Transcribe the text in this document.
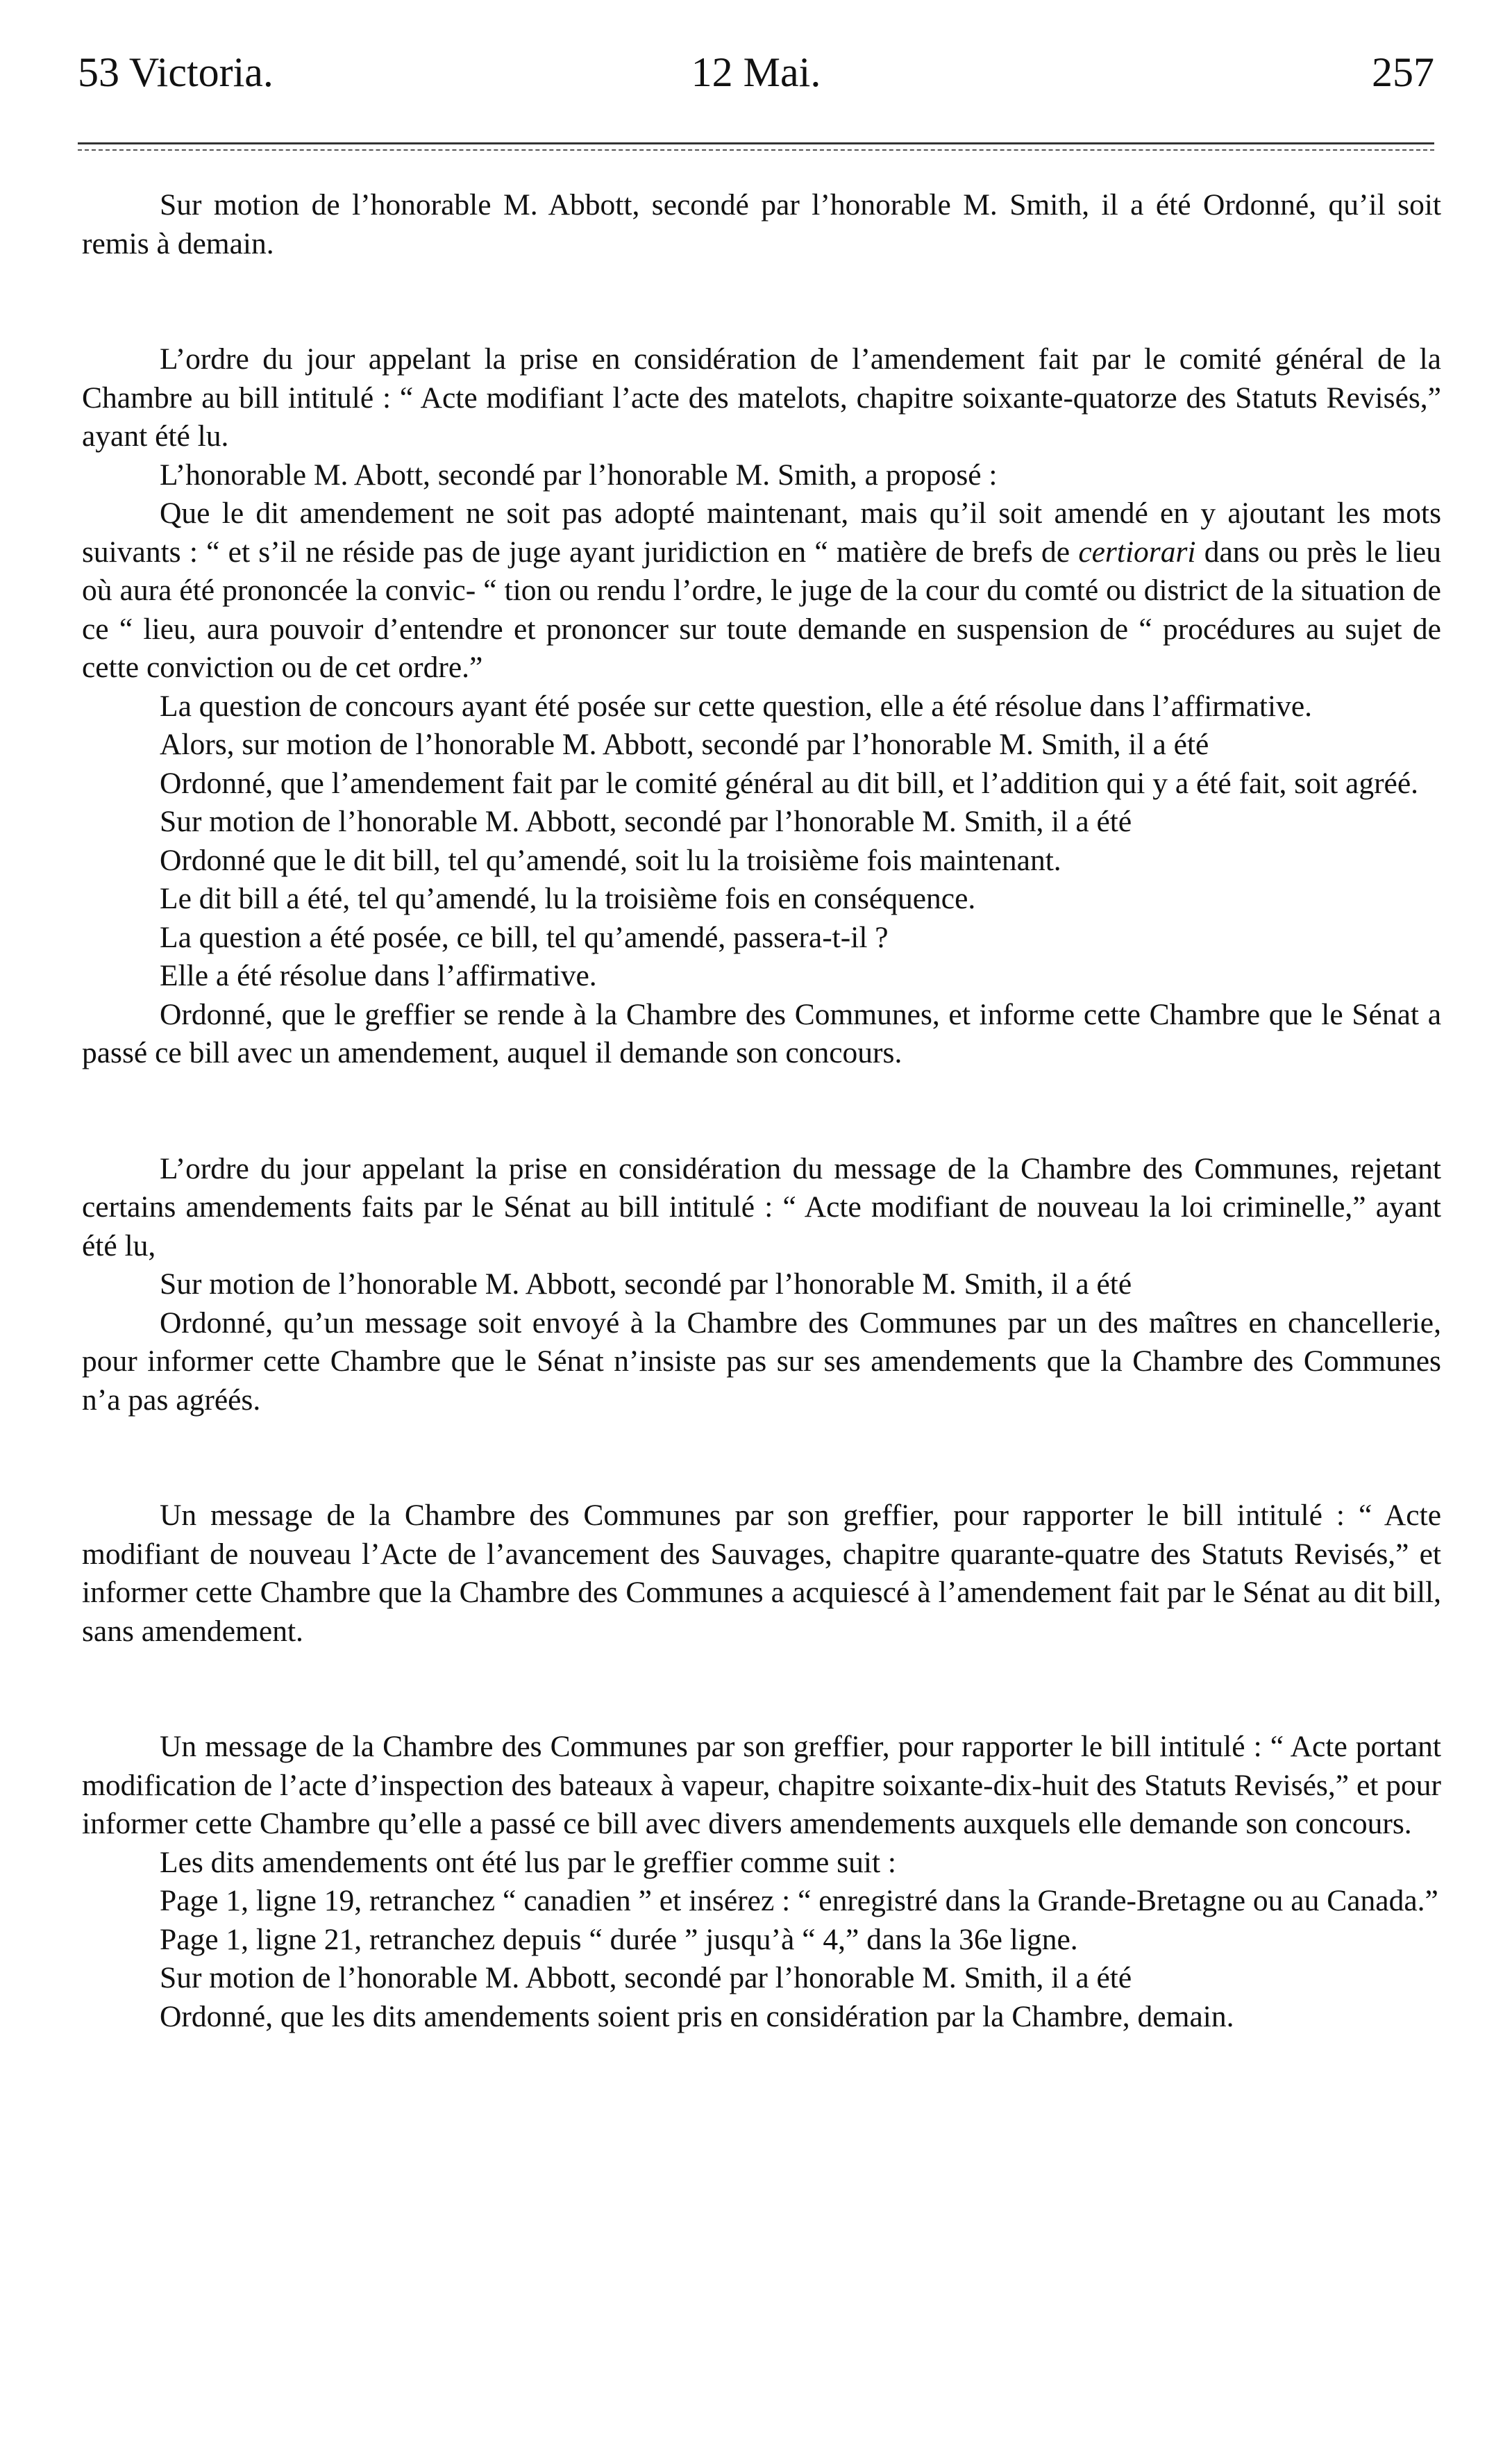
53 Victoria.	12 Mai.	257

Sur motion de l’honorable M. Abbott, secondé par l’honorable M. Smith, il a été Ordonné, qu’il soit remis à demain.

L’ordre du jour appelant la prise en considération de l’amendement fait par le comité général de la Chambre au bill intitulé : “ Acte modifiant l’acte des matelots, chapitre soixante-quatorze des Statuts Revisés,” ayant été lu.

L’honorable M. Abott, secondé par l’honorable M. Smith, a proposé :

Que le dit amendement ne soit pas adopté maintenant, mais qu’il soit amendé en y ajoutant les mots suivants : “ et s’il ne réside pas de juge ayant juridiction en “ matière de brefs de certiorari dans ou près le lieu où aura été prononcée la convic- “ tion ou rendu l’ordre, le juge de la cour du comté ou district de la situation de ce “ lieu, aura pouvoir d’entendre et prononcer sur toute demande en suspension de “ procédures au sujet de cette conviction ou de cet ordre.”

La question de concours ayant été posée sur cette question, elle a été résolue dans l’affirmative.

Alors, sur motion de l’honorable M. Abbott, secondé par l’honorable M. Smith, il a été

Ordonné, que l’amendement fait par le comité général au dit bill, et l’addition qui y a été fait, soit agréé.

Sur motion de l’honorable M. Abbott, secondé par l’honorable M. Smith, il a été

Ordonné que le dit bill, tel qu’amendé, soit lu la troisième fois maintenant.

Le dit bill a été, tel qu’amendé, lu la troisième fois en conséquence.

La question a été posée, ce bill, tel qu’amendé, passera-t-il ?

Elle a été résolue dans l’affirmative.

Ordonné, que le greffier se rende à la Chambre des Communes, et informe cette Chambre que le Sénat a passé ce bill avec un amendement, auquel il demande son concours.

L’ordre du jour appelant la prise en considération du message de la Chambre des Communes, rejetant certains amendements faits par le Sénat au bill intitulé : “ Acte modifiant de nouveau la loi criminelle,” ayant été lu,

Sur motion de l’honorable M. Abbott, secondé par l’honorable M. Smith, il a été

Ordonné, qu’un message soit envoyé à la Chambre des Communes par un des maîtres en chancellerie, pour informer cette Chambre que le Sénat n’insiste pas sur ses amendements que la Chambre des Communes n’a pas agréés.

Un message de la Chambre des Communes par son greffier, pour rapporter le bill intitulé : “ Acte modifiant de nouveau l’Acte de l’avancement des Sauvages, chapitre quarante-quatre des Statuts Revisés,” et informer cette Chambre que la Chambre des Communes a acquiescé à l’amendement fait par le Sénat au dit bill, sans amendement.

Un message de la Chambre des Communes par son greffier, pour rapporter le bill intitulé : “ Acte portant modification de l’acte d’inspection des bateaux à vapeur, chapitre soixante-dix-huit des Statuts Revisés,” et pour informer cette Chambre qu’elle a passé ce bill avec divers amendements auxquels elle demande son concours.

Les dits amendements ont été lus par le greffier comme suit :

Page 1, ligne 19, retranchez “ canadien ” et insérez : “ enregistré dans la Grande-Bretagne ou au Canada.”

Page 1, ligne 21, retranchez depuis “ durée ” jusqu’à “ 4,” dans la 36e ligne.

Sur motion de l’honorable M. Abbott, secondé par l’honorable M. Smith, il a été

Ordonné, que les dits amendements soient pris en considération par la Chambre, demain.
